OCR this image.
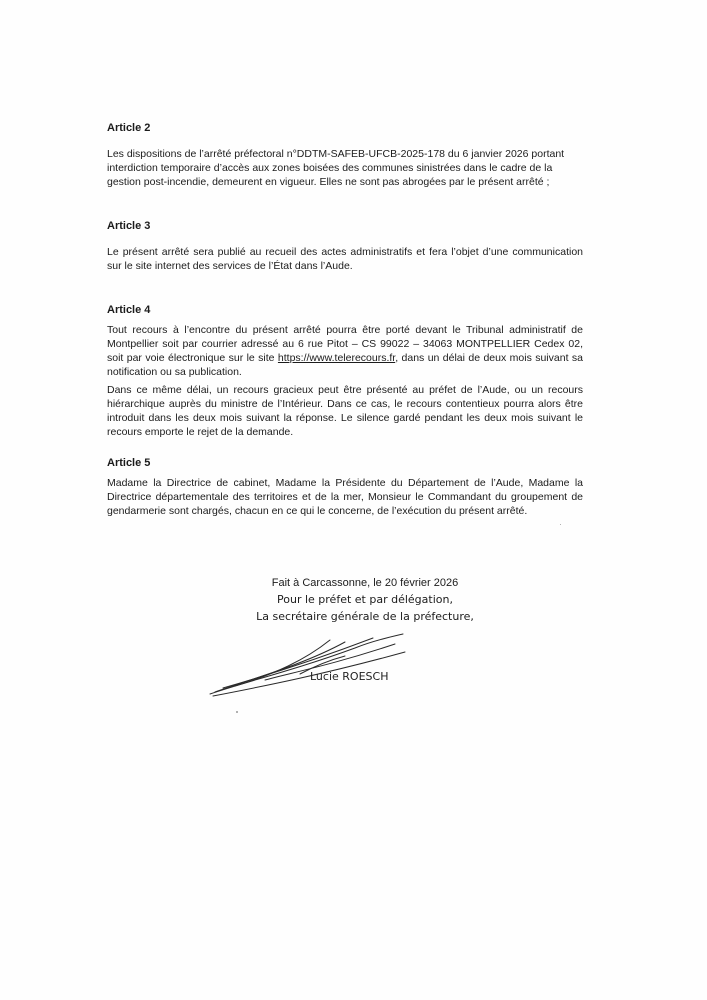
Article 2

Les dispositions de l’arrêté préfectoral n°DDTM-SAFEB-UFCB-2025-178 du 6 janvier 2026 portant interdiction temporaire d’accès aux zones boisées des communes sinistrées dans le cadre de la gestion post-incendie, demeurent en vigueur. Elles ne sont pas abrogées par le présent arrêté ;

Article 3

Le présent arrêté sera publié au recueil des actes administratifs et fera l’objet d’une communication sur le site internet des services de l’État dans l’Aude.

Article 4

Tout recours à l’encontre du présent arrêté pourra être porté devant le Tribunal administratif de Montpellier soit par courrier adressé au 6 rue Pitot – CS 99022 – 34063 MONTPELLIER Cedex 02, soit par voie électronique sur le site https://www.telerecours.fr, dans un délai de deux mois suivant sa notification ou sa publication.

Dans ce même délai, un recours gracieux peut être présenté au préfet de l’Aude, ou un recours hiérarchique auprès du ministre de l’Intérieur. Dans ce cas, le recours contentieux pourra alors être introduit dans les deux mois suivant la réponse. Le silence gardé pendant les deux mois suivant le recours emporte le rejet de la demande.

Article 5

Madame la Directrice de cabinet, Madame la Présidente du Département de l’Aude, Madame la Directrice départementale des territoires et de la mer, Monsieur le Commandant du groupement de gendarmerie sont chargés, chacun en ce qui le concerne, de l’exécution du présent arrêté.

Fait à Carcassonne, le 20 février 2026
Pour le préfet et par délégation,
La secrétaire générale de la préfecture,
Lucie ROESCH
